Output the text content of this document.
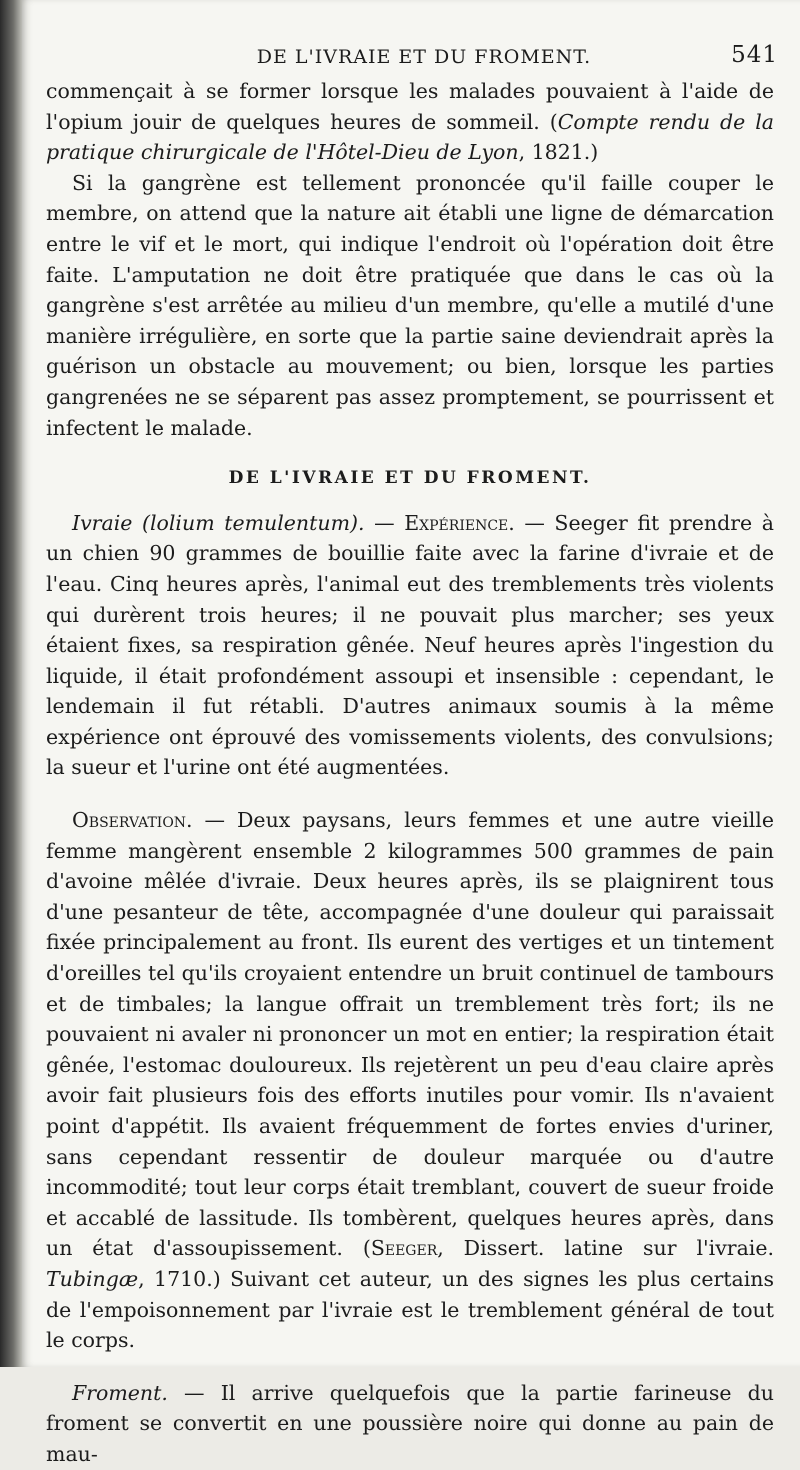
DE L'IVRAIE ET DU FROMENT.	541

commençait à se former lorsque les malades pouvaient à l'aide de l'opium jouir de quelques heures de sommeil. (Compte rendu de la pratique chirurgicale de l'Hôtel-Dieu de Lyon, 1821.)

Si la gangrène est tellement prononcée qu'il faille couper le membre, on attend que la nature ait établi une ligne de démarcation entre le vif et le mort, qui indique l'endroit où l'opération doit être faite. L'amputation ne doit être pratiquée que dans le cas où la gangrène s'est arrêtée au milieu d'un membre, qu'elle a mutilé d'une manière irrégulière, en sorte que la partie saine deviendrait après la guérison un obstacle au mouvement; ou bien, lorsque les parties gangrenées ne se séparent pas assez promptement, se pourrissent et infectent le malade.

DE L'IVRAIE ET DU FROMENT.

Ivraie (lolium temulentum). — Expérience. — Seeger fit prendre à un chien 90 grammes de bouillie faite avec la farine d'ivraie et de l'eau. Cinq heures après, l'animal eut des tremblements très violents qui durèrent trois heures; il ne pouvait plus marcher; ses yeux étaient fixes, sa respiration gênée. Neuf heures après l'ingestion du liquide, il était profondément assoupi et insensible : cependant, le lendemain il fut rétabli. D'autres animaux soumis à la même expérience ont éprouvé des vomissements violents, des convulsions; la sueur et l'urine ont été augmentées.

Observation. — Deux paysans, leurs femmes et une autre vieille femme mangèrent ensemble 2 kilogrammes 500 grammes de pain d'avoine mêlée d'ivraie. Deux heures après, ils se plaignirent tous d'une pesanteur de tête, accompagnée d'une douleur qui paraissait fixée principalement au front. Ils eurent des vertiges et un tintement d'oreilles tel qu'ils croyaient entendre un bruit continuel de tambours et de timbales; la langue offrait un tremblement très fort; ils ne pouvaient ni avaler ni prononcer un mot en entier; la respiration était gênée, l'estomac douloureux. Ils rejetèrent un peu d'eau claire après avoir fait plusieurs fois des efforts inutiles pour vomir. Ils n'avaient point d'appétit. Ils avaient fréquemment de fortes envies d'uriner, sans cependant ressentir de douleur marquée ou d'autre incommodité; tout leur corps était tremblant, couvert de sueur froide et accablé de lassitude. Ils tombèrent, quelques heures après, dans un état d'assoupissement. (Seeger, Dissert. latine sur l'ivraie. Tubingæ, 1710.) Suivant cet auteur, un des signes les plus certains de l'empoisonnement par l'ivraie est le tremblement général de tout le corps.

Froment. — Il arrive quelquefois que la partie farineuse du froment se convertit en une poussière noire qui donne au pain de mau-
